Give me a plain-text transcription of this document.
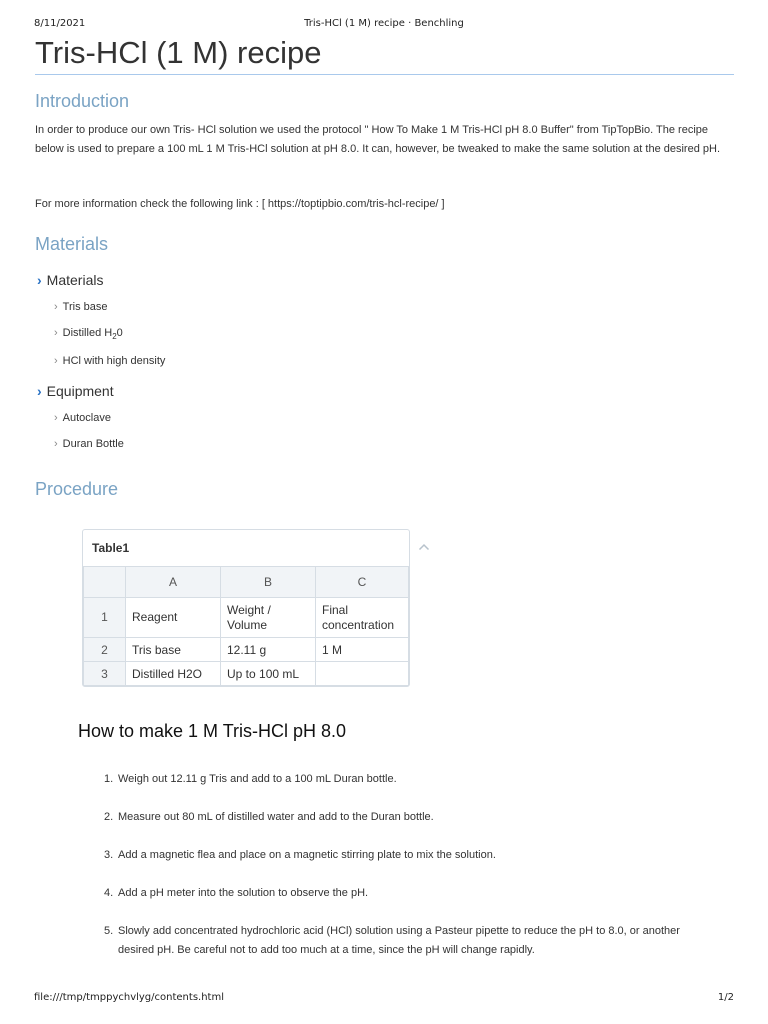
8/11/2021	Tris-HCl (1 M) recipe · Benchling
Tris-HCl (1 M) recipe
Introduction

In order to produce our own Tris- HCl solution we used the protocol " How To Make 1 M Tris-HCl pH 8.0 Buffer" from TipTopBio. The recipe below is used to prepare a 100 mL 1 M Tris-HCl solution at pH 8.0. It can, however, be tweaked to make the same solution at the desired pH.

For more information check the following link : [ https://toptipbio.com/tris-hcl-recipe/ ]

Materials
› Materials
› Tris base
› Distilled $H_20$
› HCl with high density
› Equipment
› Autoclave
› Duran Bottle
Procedure
Table1
	A	B	C
1	Reagent	Weight / Volume	Final concentration
2	Tris base	12.11 g	1 M
3	Distilled H2O	Up to 100 mL	
How to make 1 M Tris-HCl pH 8.0
1. Weigh out 12.11 g Tris and add to a 100 mL Duran bottle.
2. Measure out 80 mL of distilled water and add to the Duran bottle.
3. Add a magnetic flea and place on a magnetic stirring plate to mix the solution.
4. Add a pH meter into the solution to observe the pH.
5. Slowly add concentrated hydrochloric acid (HCl) solution using a Pasteur pipette to reduce the pH to 8.0, or another desired pH. Be careful not to add too much at a time, since the pH will change rapidly.
file:///tmp/tmppychvlyg/contents.html	1/2
